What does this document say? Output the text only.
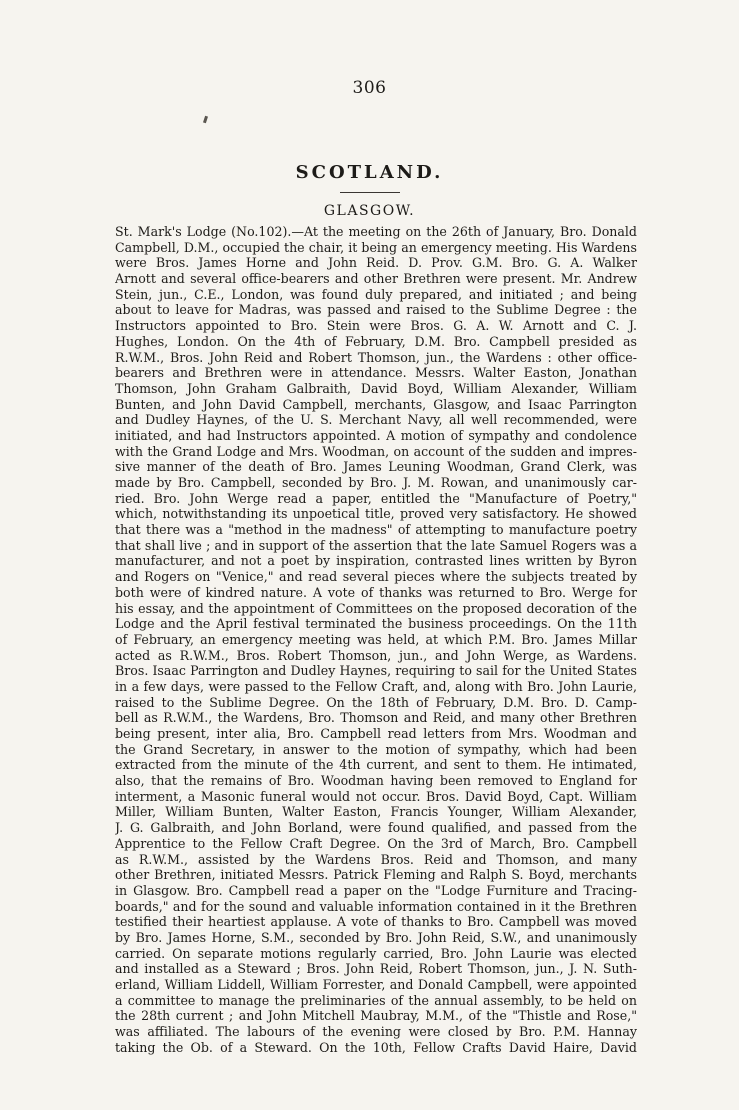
306
SCOTLAND.
GLASGOW.
St. Mark's Lodge (No.102).—At the meeting on the 26th of January, Bro. Donald
Campbell, D.M., occupied the chair, it being an emergency meeting. His Wardens
were Bros. James Horne and John Reid. D. Prov. G.M. Bro. G. A. Walker
Arnott and several office-bearers and other Brethren were present. Mr. Andrew
Stein, jun., C.E., London, was found duly prepared, and initiated ; and being
about to leave for Madras, was passed and raised to the Sublime Degree : the
Instructors appointed to Bro. Stein were Bros. G. A. W. Arnott and C. J.
Hughes, London. On the 4th of February, D.M. Bro. Campbell presided as
R.W.M., Bros. John Reid and Robert Thomson, jun., the Wardens : other office-
bearers and Brethren were in attendance. Messrs. Walter Easton, Jonathan
Thomson, John Graham Galbraith, David Boyd, William Alexander, William
Bunten, and John David Campbell, merchants, Glasgow, and Isaac Parrington
and Dudley Haynes, of the U. S. Merchant Navy, all well recommended, were
initiated, and had Instructors appointed. A motion of sympathy and condolence
with the Grand Lodge and Mrs. Woodman, on account of the sudden and impres-
sive manner of the death of Bro. James Leuning Woodman, Grand Clerk, was
made by Bro. Campbell, seconded by Bro. J. M. Rowan, and unanimously car-
ried. Bro. John Werge read a paper, entitled the "Manufacture of Poetry,"
which, notwithstanding its unpoetical title, proved very satisfactory. He showed
that there was a "method in the madness" of attempting to manufacture poetry
that shall live ; and in support of the assertion that the late Samuel Rogers was a
manufacturer, and not a poet by inspiration, contrasted lines written by Byron
and Rogers on "Venice," and read several pieces where the subjects treated by
both were of kindred nature. A vote of thanks was returned to Bro. Werge for
his essay, and the appointment of Committees on the proposed decoration of the
Lodge and the April festival terminated the business proceedings. On the 11th
of February, an emergency meeting was held, at which P.M. Bro. James Millar
acted as R.W.M., Bros. Robert Thomson, jun., and John Werge, as Wardens.
Bros. Isaac Parrington and Dudley Haynes, requiring to sail for the United States
in a few days, were passed to the Fellow Craft, and, along with Bro. John Laurie,
raised to the Sublime Degree. On the 18th of February, D.M. Bro. D. Camp-
bell as R.W.M., the Wardens, Bro. Thomson and Reid, and many other Brethren
being present, inter alia, Bro. Campbell read letters from Mrs. Woodman and
the Grand Secretary, in answer to the motion of sympathy, which had been
extracted from the minute of the 4th current, and sent to them. He intimated,
also, that the remains of Bro. Woodman having been removed to England for
interment, a Masonic funeral would not occur. Bros. David Boyd, Capt. William
Miller, William Bunten, Walter Easton, Francis Younger, William Alexander,
J. G. Galbraith, and John Borland, were found qualified, and passed from the
Apprentice to the Fellow Craft Degree. On the 3rd of March, Bro. Campbell
as R.W.M., assisted by the Wardens Bros. Reid and Thomson, and many
other Brethren, initiated Messrs. Patrick Fleming and Ralph S. Boyd, merchants
in Glasgow. Bro. Campbell read a paper on the "Lodge Furniture and Tracing-
boards," and for the sound and valuable information contained in it the Brethren
testified their heartiest applause. A vote of thanks to Bro. Campbell was moved
by Bro. James Horne, S.M., seconded by Bro. John Reid, S.W., and unanimously
carried. On separate motions regularly carried, Bro. John Laurie was elected
and installed as a Steward ; Bros. John Reid, Robert Thomson, jun., J. N. Suth-
erland, William Liddell, William Forrester, and Donald Campbell, were appointed
a committee to manage the preliminaries of the annual assembly, to be held on
the 28th current ; and John Mitchell Maubray, M.M., of the "Thistle and Rose,"
was affiliated. The labours of the evening were closed by Bro. P.M. Hannay
taking the Ob. of a Steward. On the 10th, Fellow Crafts David Haire, David
